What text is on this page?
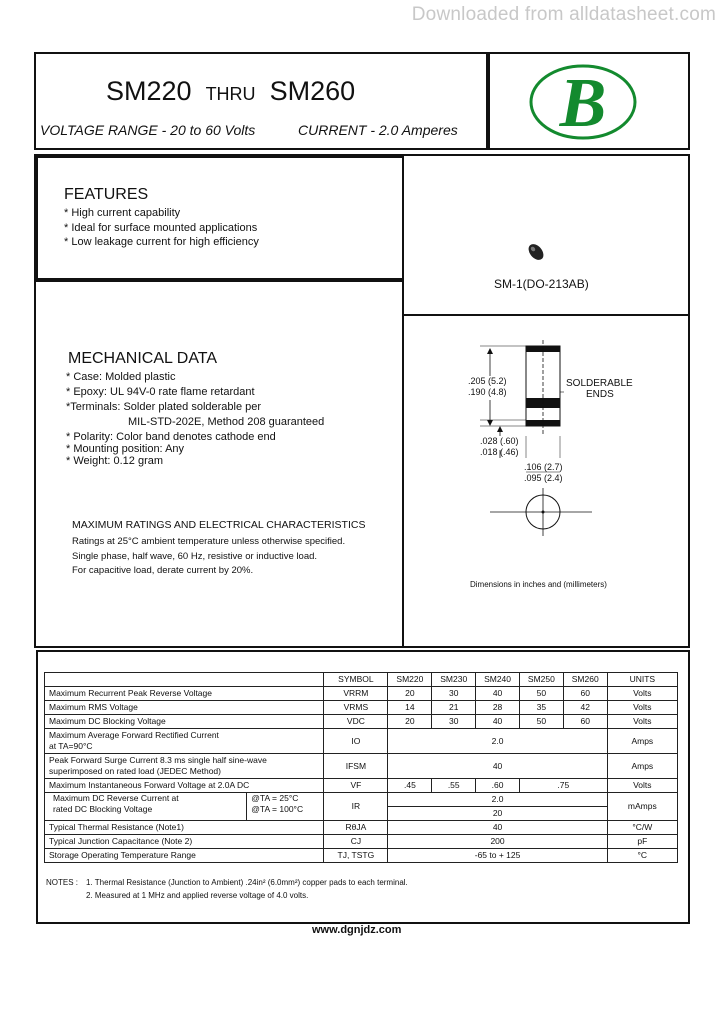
Downloaded from alldatasheet.com
SM220 THRU SM260
VOLTAGE RANGE - 20 to 60 Volts	CURRENT - 2.0 Amperes B
FEATURES
* High current capability
* Ideal for surface mounted applications
* Low leakage current for high efficiency
SM-1(DO-213AB)
MECHANICAL DATA
* Case: Molded plastic
* Epoxy: UL 94V-0 rate flame retardant
*Terminals: Solder plated solderable per
MIL-STD-202E, Method 208 guaranteed
* Polarity: Color band denotes cathode end
* Mounting position: Any
* Weight: 0.12 gram
MAXIMUM RATINGS AND ELECTRICAL CHARACTERISTICS
Ratings at 25°C ambient temperature unless otherwise specified.
Single phase, half wave, 60 Hz, resistive or inductive load.
For capacitive load, derate current by 20%.
.205 (5.2)
.190 (4.8)
SOLDERABLE
ENDS
.028 (.60)
.018 (.46)
.106 (2.7)
.095 (2.4)
Dimensions in inches and (millimeters)
	SYMBOL	SM220	SM230	SM240	SM250	SM260	UNITS
Maximum Recurrent Peak Reverse Voltage	VRRM	20	30	40	50	60	Volts
Maximum RMS Voltage	VRMS	14	21	28	35	42	Volts
Maximum DC Blocking Voltage	VDC	20	30	40	50	60	Volts

Maximum Average Forward Rectified Current
at TA=90°C	IO	2.0					Amps

Peak Forward Surge Current 8.3 ms single half sine-wave
superimposed on rated load (JEDEC Method)	IFSM	40					Amps
Maximum Instantaneous Forward Voltage at 2.0A DC	VF	.45	.55	.60	.75		Volts

Maximum DC Reverse Current at
rated DC Blocking Voltage
@TA = 25°C
@TA = 100°C	IR	2.0					mAmps
		20					
Typical Thermal Resistance (Note1)	RθJA	40					°C/W
Typical Junction Capacitance (Note 2)	CJ	200					pF
Storage Operating Temperature Range	TJ, TSTG	-65 to + 125					°C
NOTES : 1. Thermal Resistance (Junction to Ambient) .24in² (6.0mm²) copper pads to each terminal.
2. Measured at 1 MHz and applied reverse voltage of 4.0 volts.
www.dgnjdz.com
